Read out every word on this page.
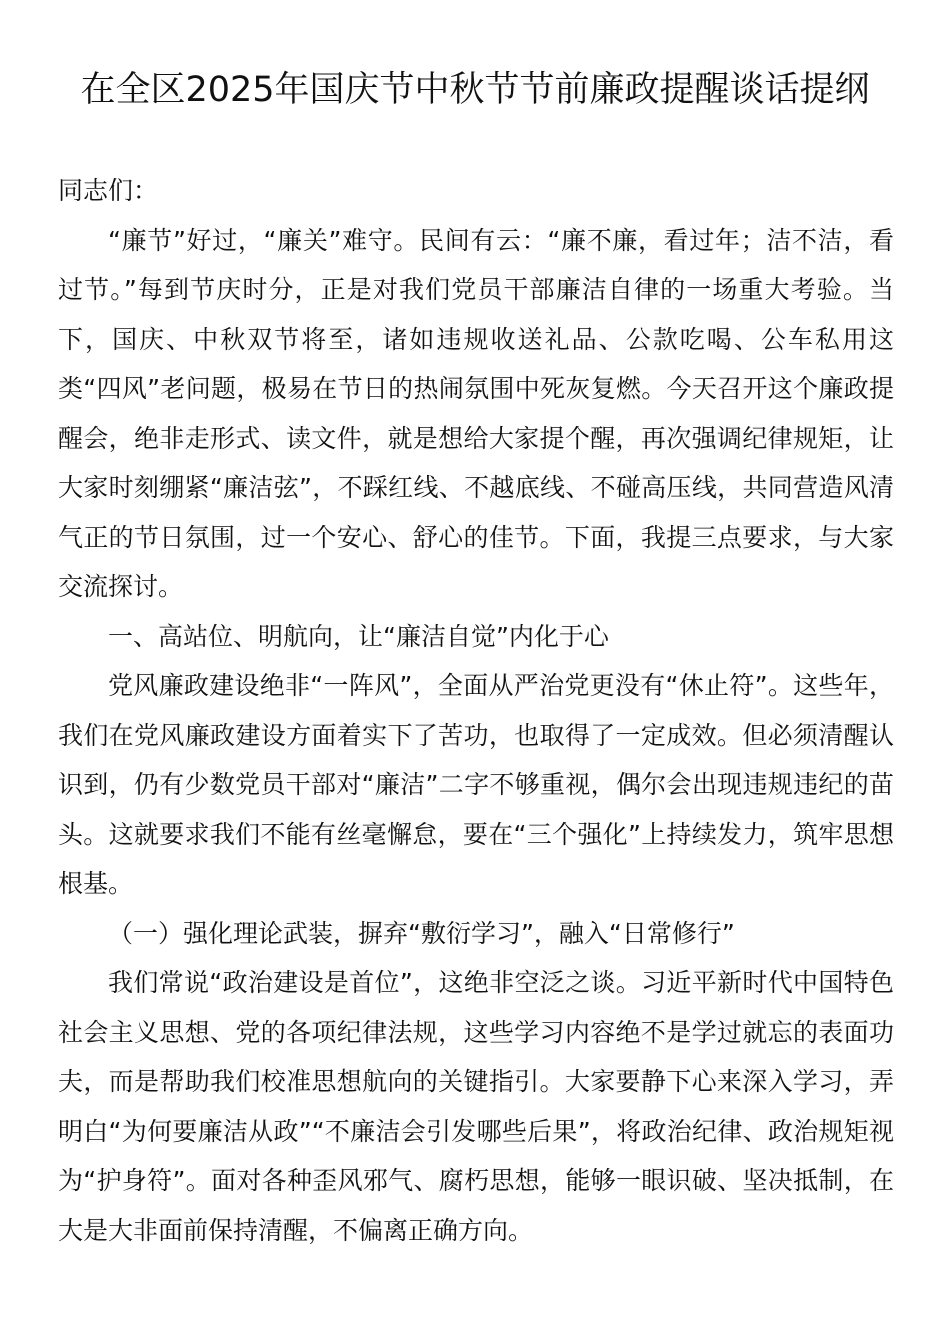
在全区2025年国庆节中秋节节前廉政提醒谈话提纲

同志们：

“廉节”好过，“廉关”难守。民间有云：“廉不廉，看过年；洁不洁，看过节。”每到节庆时分，正是对我们党员干部廉洁自律的一场重大考验。当下，国庆、中秋双节将至，诸如违规收送礼品、公款吃喝、公车私用这类“四风”老问题，极易在节日的热闹氛围中死灰复燃。今天召开这个廉政提醒会，绝非走形式、读文件，就是想给大家提个醒，再次强调纪律规矩，让大家时刻绷紧“廉洁弦”，不踩红线、不越底线、不碰高压线，共同营造风清气正的节日氛围，过一个安心、舒心的佳节。下面，我提三点要求，与大家交流探讨。

一、高站位、明航向，让“廉洁自觉”内化于心

党风廉政建设绝非“一阵风”，全面从严治党更没有“休止符”。这些年，我们在党风廉政建设方面着实下了苦功，也取得了一定成效。但必须清醒认识到，仍有少数党员干部对“廉洁”二字不够重视，偶尔会出现违规违纪的苗头。这就要求我们不能有丝毫懈怠，要在“三个强化”上持续发力，筑牢思想根基。

（一）强化理论武装，摒弃“敷衍学习”，融入“日常修行”

我们常说“政治建设是首位”，这绝非空泛之谈。习近平新时代中国特色社会主义思想、党的各项纪律法规，这些学习内容绝不是学过就忘的表面功夫，而是帮助我们校准思想航向的关键指引。大家要静下心来深入学习，弄明白“为何要廉洁从政”“不廉洁会引发哪些后果”，将政治纪律、政治规矩视为“护身符”。面对各种歪风邪气、腐朽思想，能够一眼识破、坚决抵制，在大是大非面前保持清醒，不偏离正确方向。
